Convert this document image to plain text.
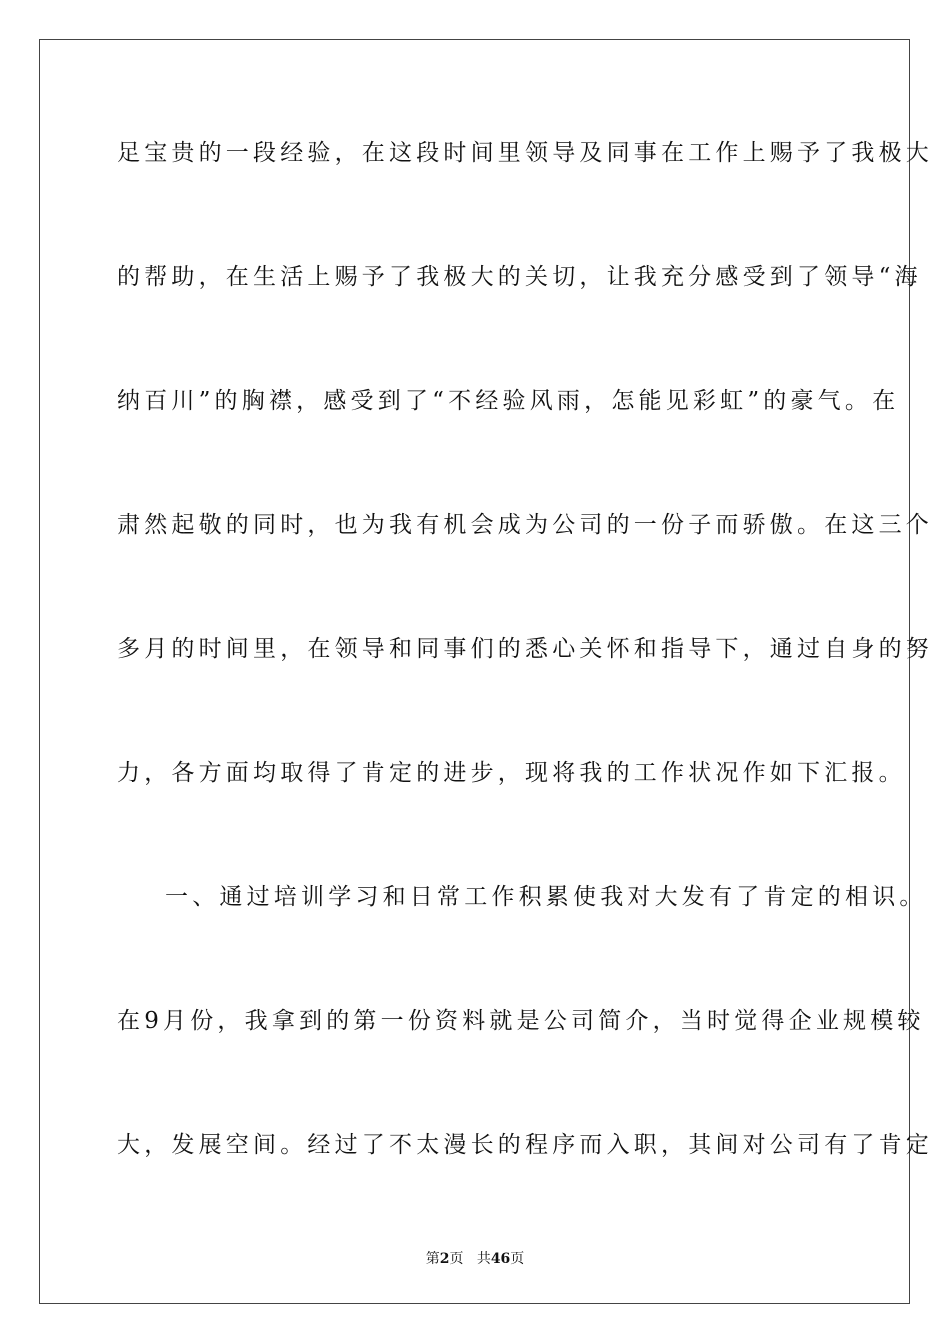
足宝贵的一段经验，在这段时间里领导及同事在工作上赐予了我极大
的帮助，在生活上赐予了我极大的关切，让我充分感受到了领导“海
纳百川”的胸襟，感受到了“不经验风雨，怎能见彩虹”的豪气。在
肃然起敬的同时，也为我有机会成为公司的一份子而骄傲。在这三个
多月的时间里，在领导和同事们的悉心关怀和指导下，通过自身的努
力，各方面均取得了肯定的进步，现将我的工作状况作如下汇报。
一、通过培训学习和日常工作积累使我对大发有了肯定的相识。
在9月份，我拿到的第一份资料就是公司简介，当时觉得企业规模较
大，发展空间。经过了不太漫长的程序而入职，其间对公司有了肯定
第2页 共46页
